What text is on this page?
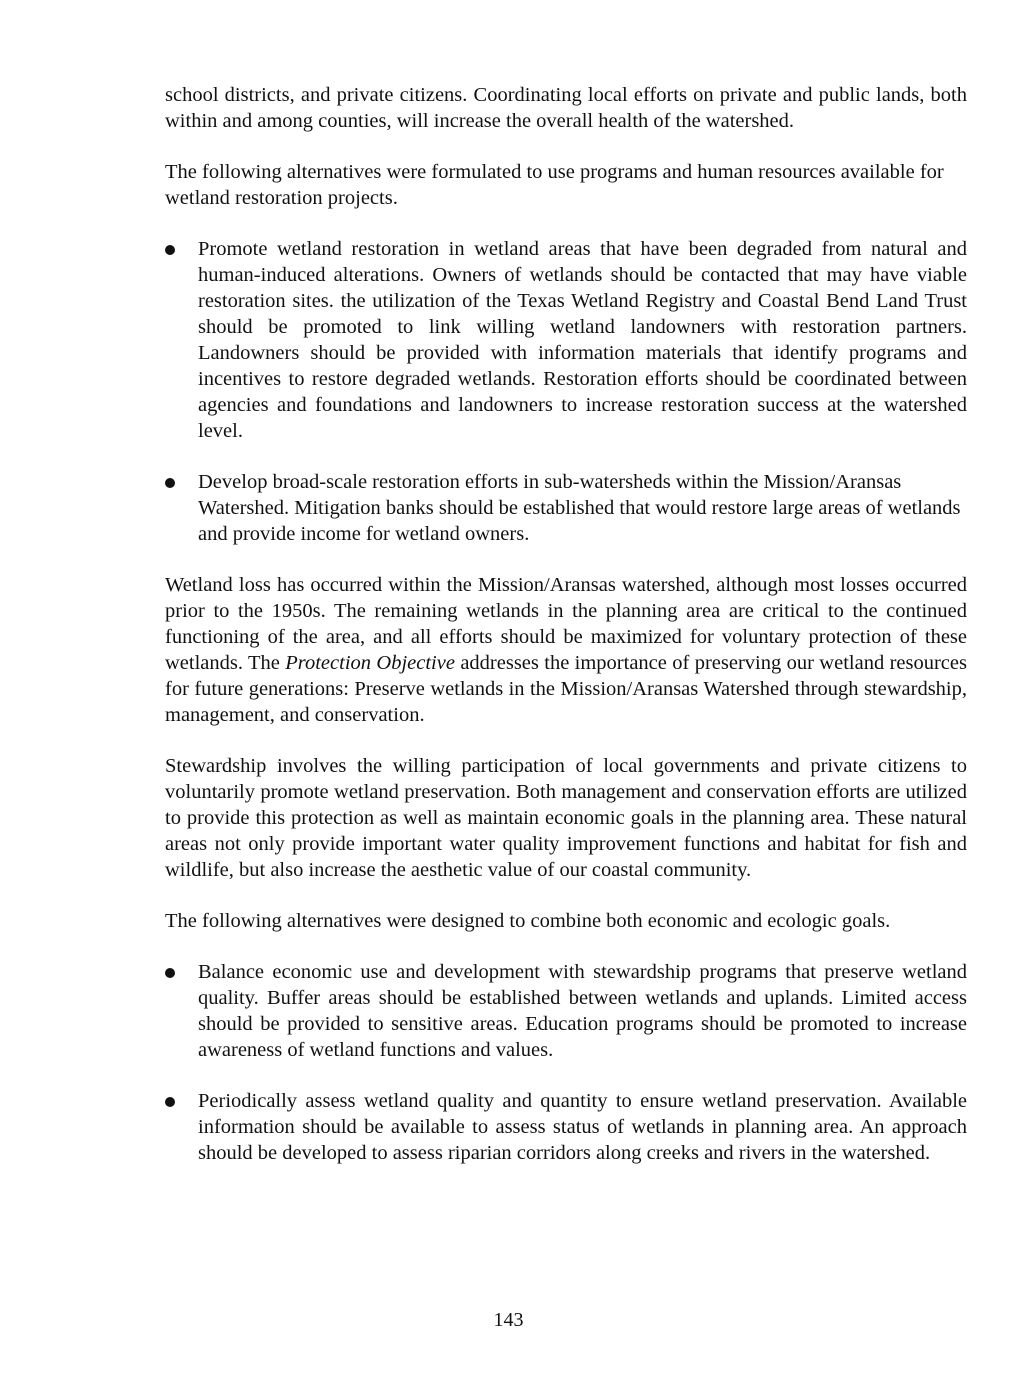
school districts, and private citizens. Coordinating local efforts on private and public lands, both within and among counties, will increase the overall health of the watershed.

The following alternatives were formulated to use programs and human resources available for wetland restoration projects.

Promote wetland restoration in wetland areas that have been degraded from natural and human-induced alterations. Owners of wetlands should be contacted that may have viable restoration sites. the utilization of the Texas Wetland Registry and Coastal Bend Land Trust should be promoted to link willing wetland landowners with restoration partners. Landowners should be provided with information materials that identify programs and incentives to restore degraded wetlands. Restoration efforts should be coordinated between agencies and foundations and landowners to increase restoration success at the watershed level.
Develop broad-scale restoration efforts in sub-watersheds within the Mission/Aransas Watershed. Mitigation banks should be established that would restore large areas of wetlands and provide income for wetland owners.

Wetland loss has occurred within the Mission/Aransas watershed, although most losses occurred prior to the 1950s. The remaining wetlands in the planning area are critical to the continued functioning of the area, and all efforts should be maximized for voluntary protection of these wetlands. The Protection Objective addresses the importance of preserving our wetland resources for future generations: Preserve wetlands in the Mission/Aransas Watershed through stewardship, management, and conservation.

Stewardship involves the willing participation of local governments and private citizens to voluntarily promote wetland preservation. Both management and conservation efforts are utilized to provide this protection as well as maintain economic goals in the planning area. These natural areas not only provide important water quality improvement functions and habitat for fish and wildlife, but also increase the aesthetic value of our coastal community.

The following alternatives were designed to combine both economic and ecologic goals.

Balance economic use and development with stewardship programs that preserve wetland quality. Buffer areas should be established between wetlands and uplands. Limited access should be provided to sensitive areas. Education programs should be promoted to increase awareness of wetland functions and values.
Periodically assess wetland quality and quantity to ensure wetland preservation. Available information should be available to assess status of wetlands in planning area. An approach should be developed to assess riparian corridors along creeks and rivers in the watershed.
143
